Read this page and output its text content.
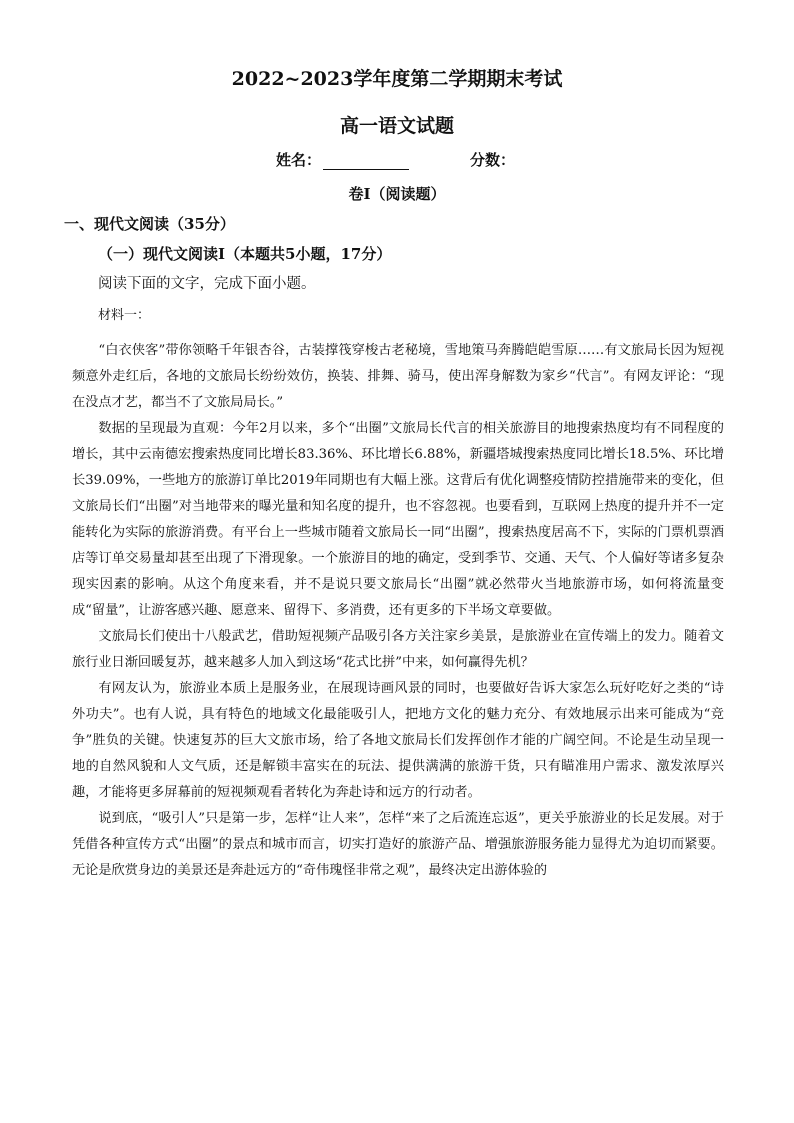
2022~2023学年度第二学期期末考试
高一语文试题
姓名：	分数：
卷Ⅰ（阅读题）
一、现代文阅读（35分）
（一）现代文阅读Ⅰ（本题共5小题，17分）
阅读下面的文字，完成下面小题。
材料一：

“白衣侠客”带你领略千年银杏谷，古装撑筏穿梭古老秘境，雪地策马奔腾皑皑雪原……有文旅局长因为短视频意外走红后，各地的文旅局长纷纷效仿，换装、排舞、骑马，使出浑身解数为家乡“代言”。有网友评论：“现在没点才艺，都当不了文旅局局长。”

数据的呈现最为直观：今年2月以来，多个“出圈”文旅局长代言的相关旅游目的地搜索热度均有不同程度的增长，其中云南德宏搜索热度同比增长83.36%、环比增长6.88%，新疆塔城搜索热度同比增长18.5%、环比增长39.09%，一些地方的旅游订单比2019年同期也有大幅上涨。这背后有优化调整疫情防控措施带来的变化，但文旅局长们“出圈”对当地带来的曝光量和知名度的提升，也不容忽视。也要看到，互联网上热度的提升并不一定能转化为实际的旅游消费。有平台上一些城市随着文旅局长一同“出圈”，搜索热度居高不下，实际的门票机票酒店等订单交易量却甚至出现了下滑现象。一个旅游目的地的确定，受到季节、交通、天气、个人偏好等诸多复杂现实因素的影响。从这个角度来看，并不是说只要文旅局长“出圈”就必然带火当地旅游市场，如何将流量变成“留量”，让游客感兴趣、愿意来、留得下、多消费，还有更多的下半场文章要做。

文旅局长们使出十八般武艺，借助短视频产品吸引各方关注家乡美景，是旅游业在宣传端上的发力。随着文旅行业日渐回暖复苏，越来越多人加入到这场“花式比拼”中来，如何赢得先机？

有网友认为，旅游业本质上是服务业，在展现诗画风景的同时，也要做好告诉大家怎么玩好吃好之类的“诗外功夫”。也有人说，具有特色的地域文化最能吸引人，把地方文化的魅力充分、有效地展示出来可能成为“竞争”胜负的关键。快速复苏的巨大文旅市场，给了各地文旅局长们发挥创作才能的广阔空间。不论是生动呈现一地的自然风貌和人文气质，还是解锁丰富实在的玩法、提供满满的旅游干货，只有瞄准用户需求、激发浓厚兴趣，才能将更多屏幕前的短视频观看者转化为奔赴诗和远方的行动者。

说到底，“吸引人”只是第一步，怎样“让人来”，怎样“来了之后流连忘返”，更关乎旅游业的长足发展。对于凭借各种宣传方式“出圈”的景点和城市而言，切实打造好的旅游产品、增强旅游服务能力显得尤为迫切而紧要。无论是欣赏身边的美景还是奔赴远方的“奇伟瑰怪非常之观”，最终决定出游体验的
